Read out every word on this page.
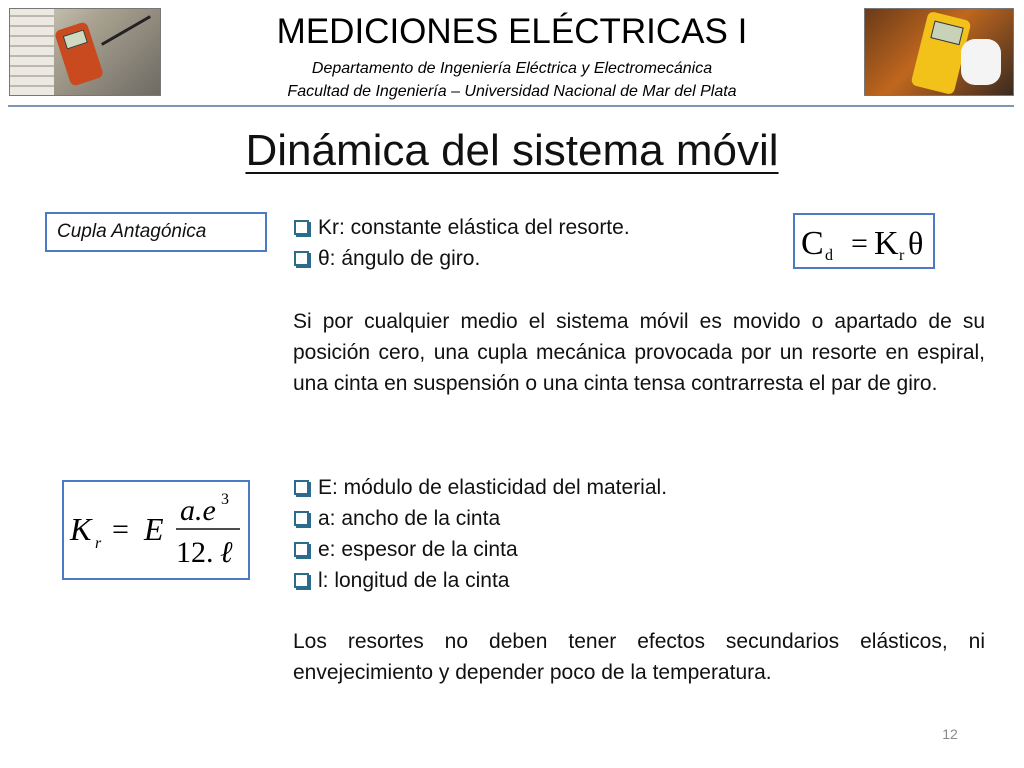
MEDICIONES ELÉCTRICAS I
Departamento de Ingeniería Eléctrica y Electromecánica
Facultad de Ingeniería – Universidad Nacional de Mar del Plata
Dinámica del sistema móvil
Cupla Antagónica	Kr: constante elástica del resorte.
θ: ángulo de giro.	C d = K r θ

Si por cualquier medio el sistema móvil es movido o apartado de su posición cero, una cupla mecánica provocada por un resorte en espiral, una cinta en suspensión o una cinta tensa contrarresta el par de giro.

K r = E
a.e 3
12. ℓ
E: módulo de elasticidad del material.
a: ancho de la cinta
e: espesor de la cinta
l: longitud de la cinta

Los resortes no deben tener efectos secundarios elásticos, ni envejecimiento y depender poco de la temperatura.

12
